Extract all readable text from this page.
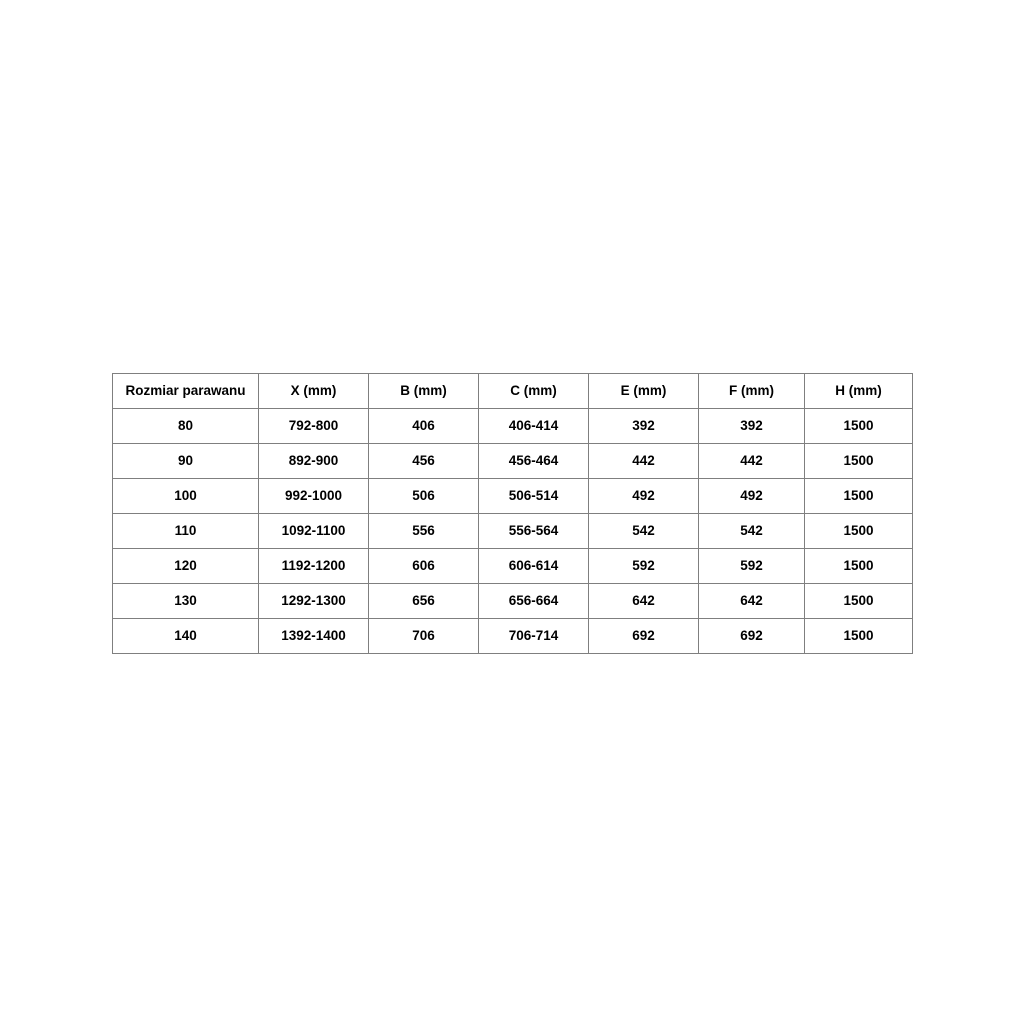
Rozmiar parawanu	X (mm)	B (mm)	C (mm)	E (mm)	F (mm)	H (mm)
80	792-800	406	406-414	392	392	1500
90	892-900	456	456-464	442	442	1500
100	992-1000	506	506-514	492	492	1500
110	1092-1100	556	556-564	542	542	1500
120	1192-1200	606	606-614	592	592	1500
130	1292-1300	656	656-664	642	642	1500
140	1392-1400	706	706-714	692	692	1500
